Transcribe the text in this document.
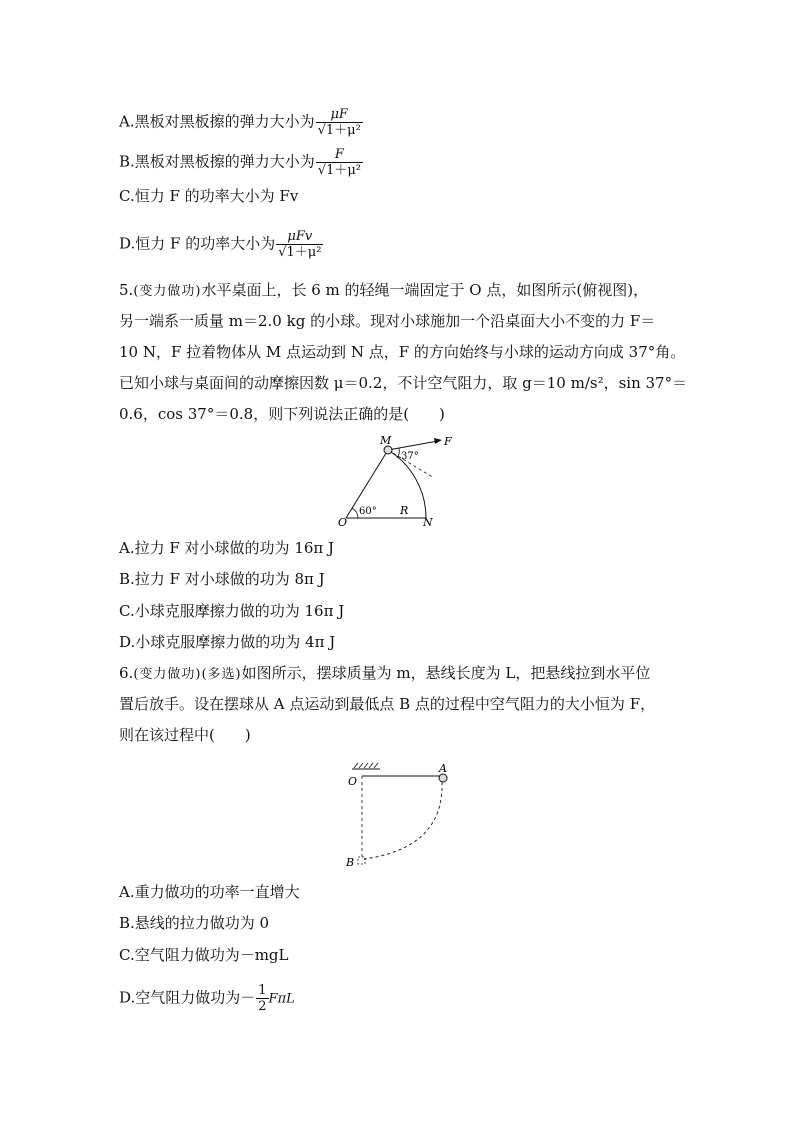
A.黑板对黑板擦的弹力大小为 $\frac{\mu F}{\text{√1＋μ²}}$
B.黑板对黑板擦的弹力大小为 $\frac{F}{\text{√1＋μ²}}$
C.恒力 F 的功率大小为 Fv
D.恒力 F 的功率大小为 $\frac{\text{μFv}}{\text{√1＋μ²}}$
5.(变力做功)水平桌面上，长 6 m 的轻绳一端固定于 O 点，如图所示(俯视图)，
另一端系一质量 m＝2.0 kg 的小球。现对小球施加一个沿桌面大小不变的力 F＝
10 N，F 拉着物体从 M 点运动到 N 点，F 的方向始终与小球的运动方向成 37°角。
已知小球与桌面间的动摩擦因数 μ＝0.2，不计空气阻力，取 g＝10 m/s²，sin 37°＝
0.6，cos 37°＝0.8，则下列说法正确的是(　　)
M	F
37°
60° R
O	N
A.拉力 F 对小球做的功为 16π J
B.拉力 F 对小球做的功为 8π J
C.小球克服摩擦力做的功为 16π J
D.小球克服摩擦力做的功为 4π J
6.(变力做功)(多选)如图所示，摆球质量为 m，悬线长度为 L，把悬线拉到水平位
置后放手。设在摆球从 A 点运动到最低点 B 点的过程中空气阻力的大小恒为 F，
则在该过程中(　　)
O
A
B
A.重力做功的功率一直增大
B.悬线的拉力做功为 0
C.空气阻力做功为－mgL
D.空气阻力做功为－ $\frac{1}{2}$ FπL
